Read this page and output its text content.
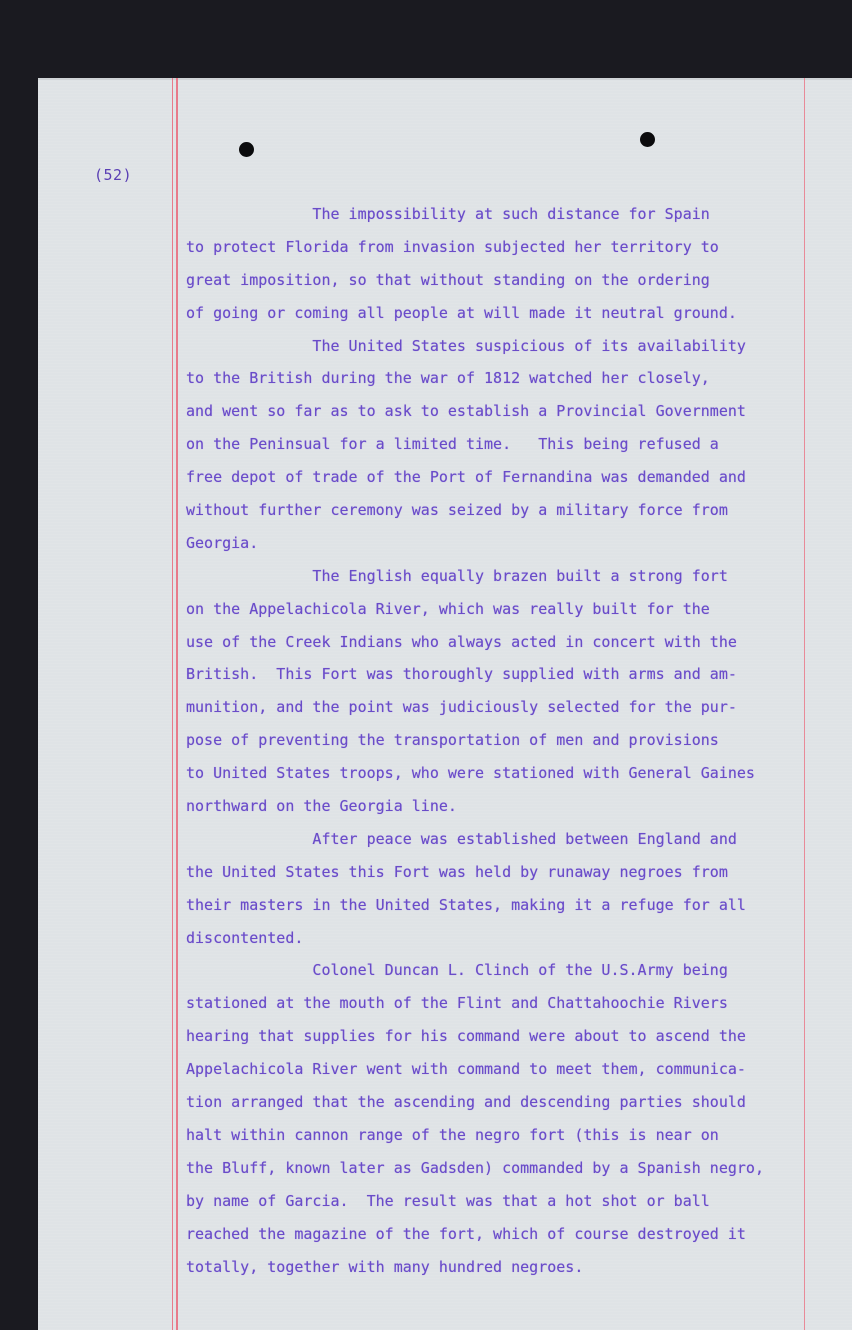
(52)
The impossibility at such distance for Spain
to protect Florida from invasion subjected her territory to
great imposition, so that without standing on the ordering
of going or coming all people at will made it neutral ground.
The United States suspicious of its availability
to the British during the war of 1812 watched her closely,
and went so far as to ask to establish a Provincial Government
on the Peninsual for a limited time.   This being refused a
free depot of trade of the Port of Fernandina was demanded and
without further ceremony was seized by a military force from
Georgia.
The English equally brazen built a strong fort
on the Appelachicola River, which was really built for the
use of the Creek Indians who always acted in concert with the
British.  This Fort was thoroughly supplied with arms and am-
munition, and the point was judiciously selected for the pur-
pose of preventing the transportation of men and provisions
to United States troops, who were stationed with General Gaines
northward on the Georgia line.
After peace was established between England and
the United States this Fort was held by runaway negroes from
their masters in the United States, making it a refuge for all
discontented.
Colonel Duncan L. Clinch of the U.S.Army being
stationed at the mouth of the Flint and Chattahoochie Rivers
hearing that supplies for his command were about to ascend the
Appelachicola River went with command to meet them, communica-
tion arranged that the ascending and descending parties should
halt within cannon range of the negro fort (this is near on
the Bluff, known later as Gadsden) commanded by a Spanish negro,
by name of Garcia.  The result was that a hot shot or ball
reached the magazine of the fort, which of course destroyed it
totally, together with many hundred negroes.
